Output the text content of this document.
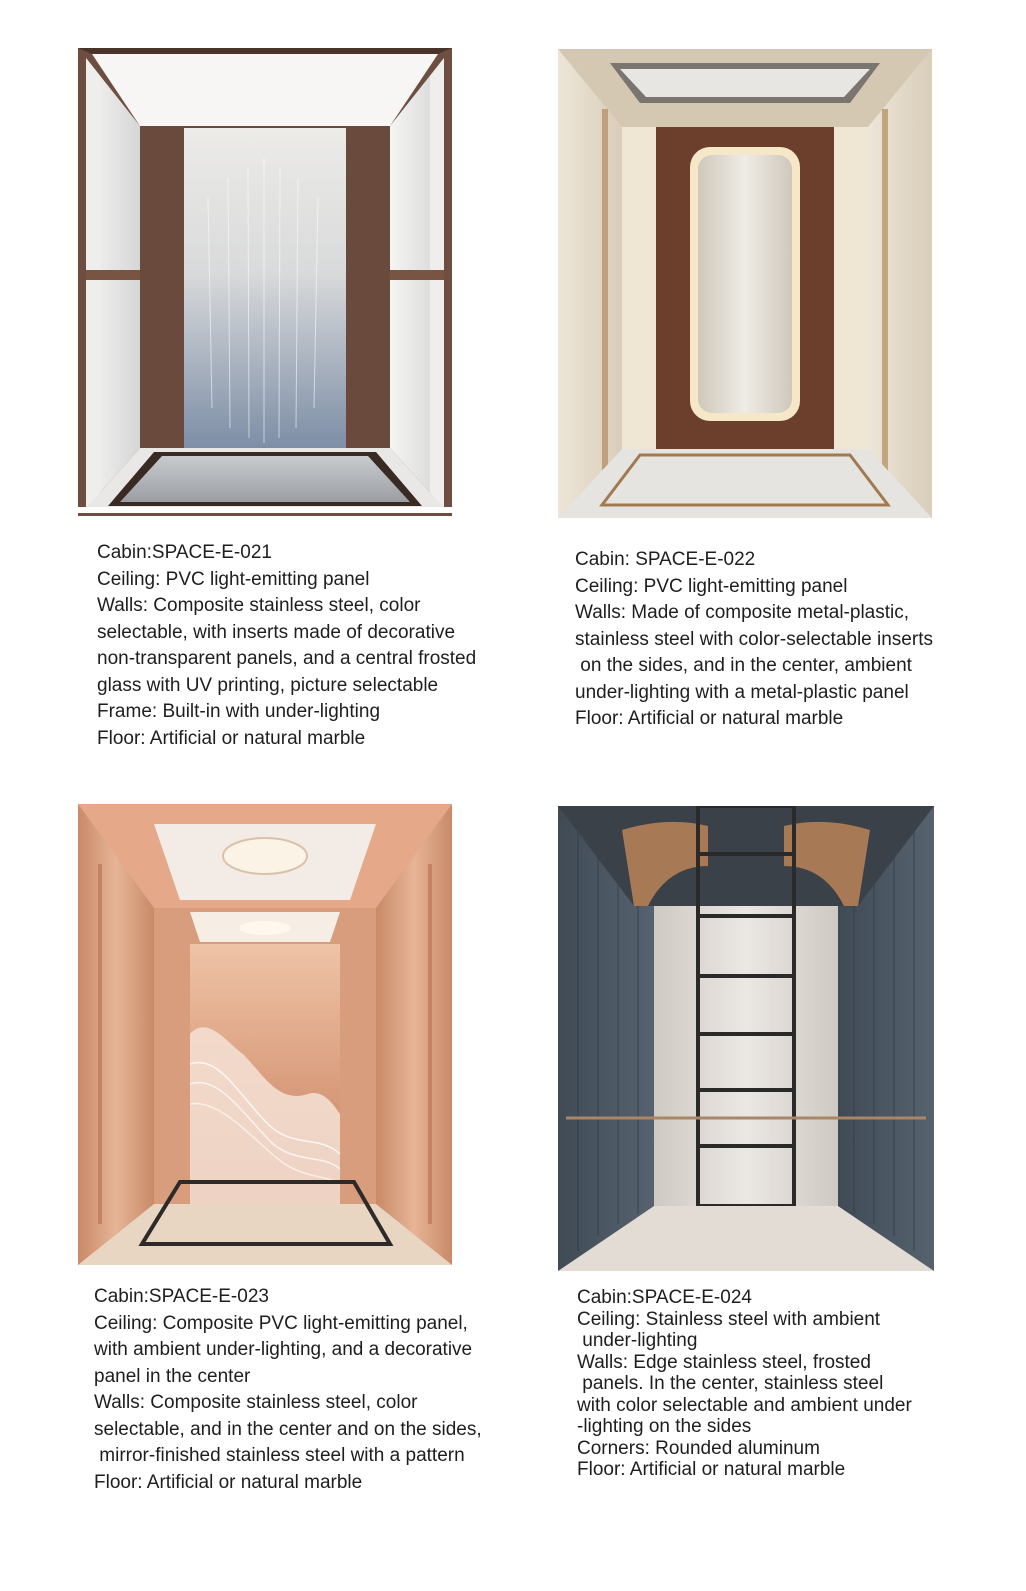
Cabin:SPACE-E-021
Ceiling: PVC light-emitting panel
Walls: Composite stainless steel, color
selectable, with inserts made of decorative
non-transparent panels, and a central frosted
glass with UV printing, picture selectable
Frame: Built-in with under-lighting
Floor: Artificial or natural marble
Cabin: SPACE-E-022
Ceiling: PVC light-emitting panel
Walls: Made of composite metal-plastic,
stainless steel with color-selectable inserts
on the sides, and in the center, ambient
under-lighting with a metal-plastic panel
Floor: Artificial or natural marble
Cabin:SPACE-E-023
Ceiling: Composite PVC light-emitting panel,
with ambient under-lighting, and a decorative
panel in the center
Walls: Composite stainless steel, color
selectable, and in the center and on the sides,
mirror-finished stainless steel with a pattern
Floor: Artificial or natural marble
Cabin:SPACE-E-024
Ceiling: Stainless steel with ambient
under-lighting
Walls: Edge stainless steel, frosted
panels. In the center, stainless steel
with color selectable and ambient under
-lighting on the sides
Corners: Rounded aluminum
Floor: Artificial or natural marble
